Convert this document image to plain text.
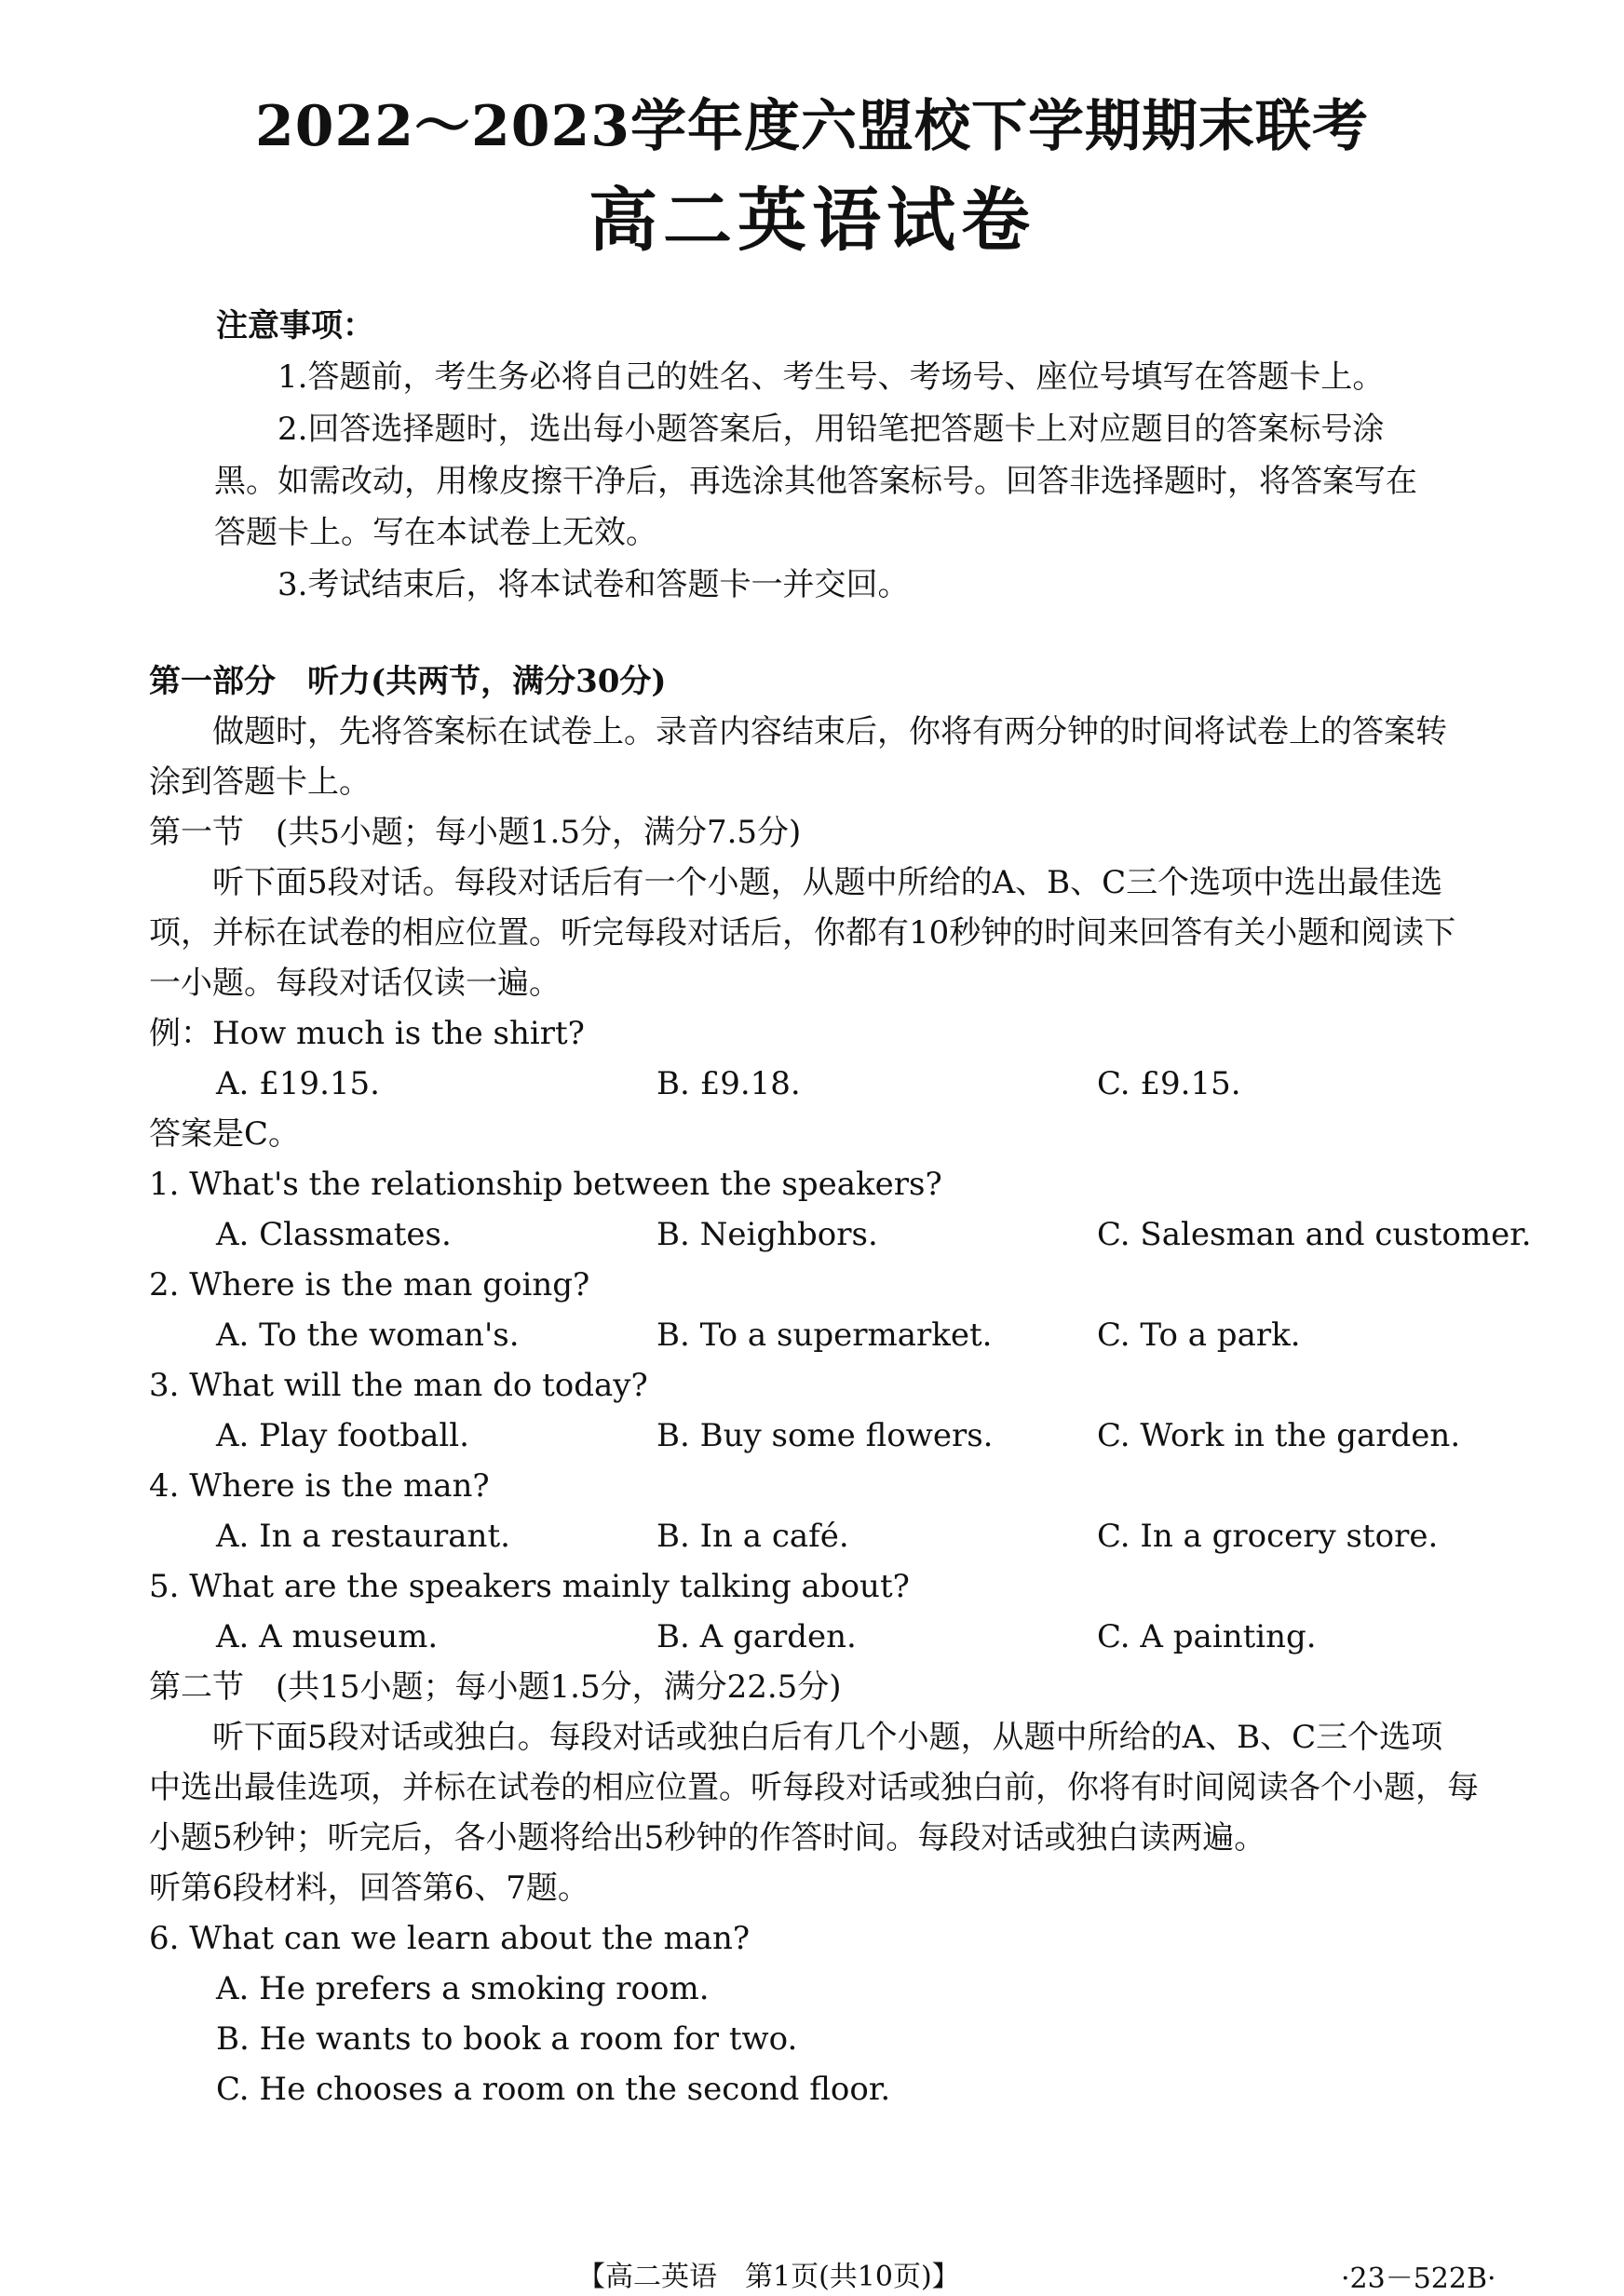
2022～2023学年度六盟校下学期期末联考
高二英语试卷
注意事项：
1.答题前，考生务必将自己的姓名、考生号、考场号、座位号填写在答题卡上。
2.回答选择题时，选出每小题答案后，用铅笔把答题卡上对应题目的答案标号涂
黑。如需改动，用橡皮擦干净后，再选涂其他答案标号。回答非选择题时，将答案写在
答题卡上。写在本试卷上无效。
3.考试结束后，将本试卷和答题卡一并交回。
第一部分　听力(共两节，满分30分)
做题时，先将答案标在试卷上。录音内容结束后，你将有两分钟的时间将试卷上的答案转
涂到答题卡上。
第一节　(共5小题；每小题1.5分，满分7.5分)
听下面5段对话。每段对话后有一个小题，从题中所给的A、B、C三个选项中选出最佳选
项，并标在试卷的相应位置。听完每段对话后，你都有10秒钟的时间来回答有关小题和阅读下
一小题。每段对话仅读一遍。
例：How much is the shirt?
A. £19.15.	B. £9.18.	C. £9.15.
答案是C。
1. What's the relationship between the speakers?
A. Classmates.	B. Neighbors.	C. Salesman and customer.
2. Where is the man going?
A. To the woman's.	B. To a supermarket.	C. To a park.
3. What will the man do today?
A. Play football.	B. Buy some flowers.	C. Work in the garden.
4. Where is the man?
A. In a restaurant.	B. In a café.	C. In a grocery store.
5. What are the speakers mainly talking about?
A. A museum.	B. A garden.	C. A painting.
第二节　(共15小题；每小题1.5分，满分22.5分)
听下面5段对话或独白。每段对话或独白后有几个小题，从题中所给的A、B、C三个选项
中选出最佳选项，并标在试卷的相应位置。听每段对话或独白前，你将有时间阅读各个小题，每
小题5秒钟；听完后，各小题将给出5秒钟的作答时间。每段对话或独白读两遍。
听第6段材料，回答第6、7题。
6. What can we learn about the man?
A. He prefers a smoking room.
B. He wants to book a room for two.
C. He chooses a room on the second floor.
【高二英语　第1页(共10页)】	·23－522B·
